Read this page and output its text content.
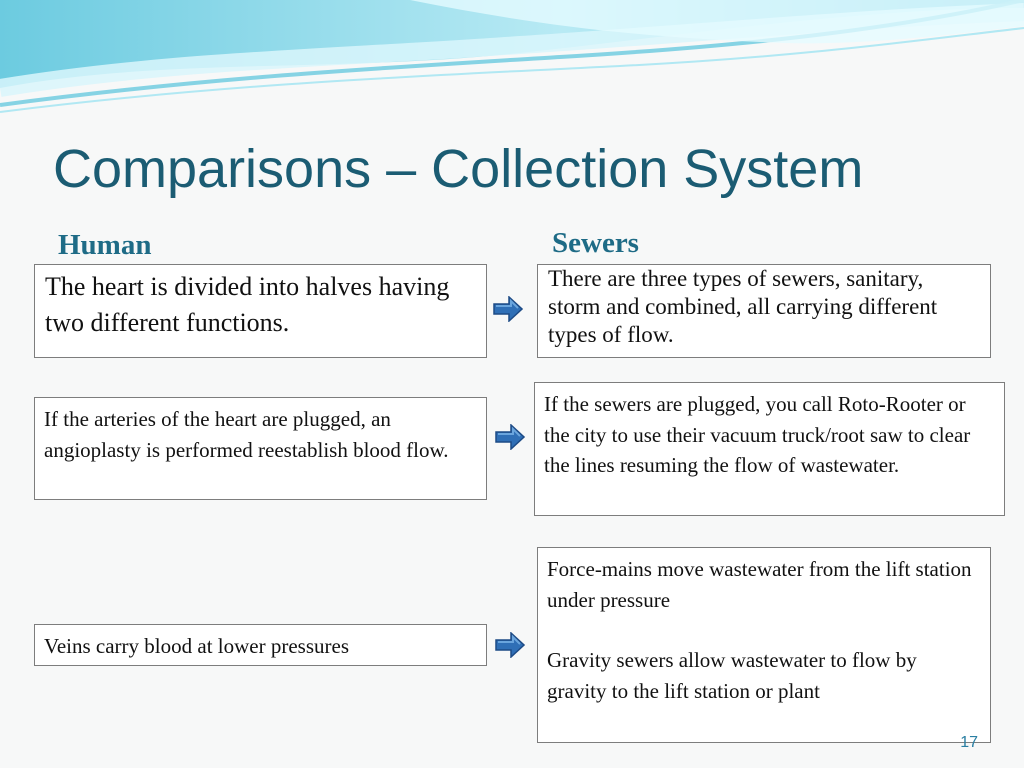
Comparisons – Collection System
Human	Sewers

The heart is divided into halves having two different functions.

There are three types of sewers, sanitary, storm and combined, all carrying different types of flow.

If the arteries of the heart are plugged, an angioplasty is performed reestablish blood flow.

If the sewers are plugged, you call Roto-Rooter or the city to use their vacuum truck/root saw to clear the lines resuming the flow of wastewater.

Veins carry blood at lower pressures

Force-mains move wastewater from the lift station under pressure

Gravity sewers allow wastewater to flow by gravity to the lift station or plant

17
